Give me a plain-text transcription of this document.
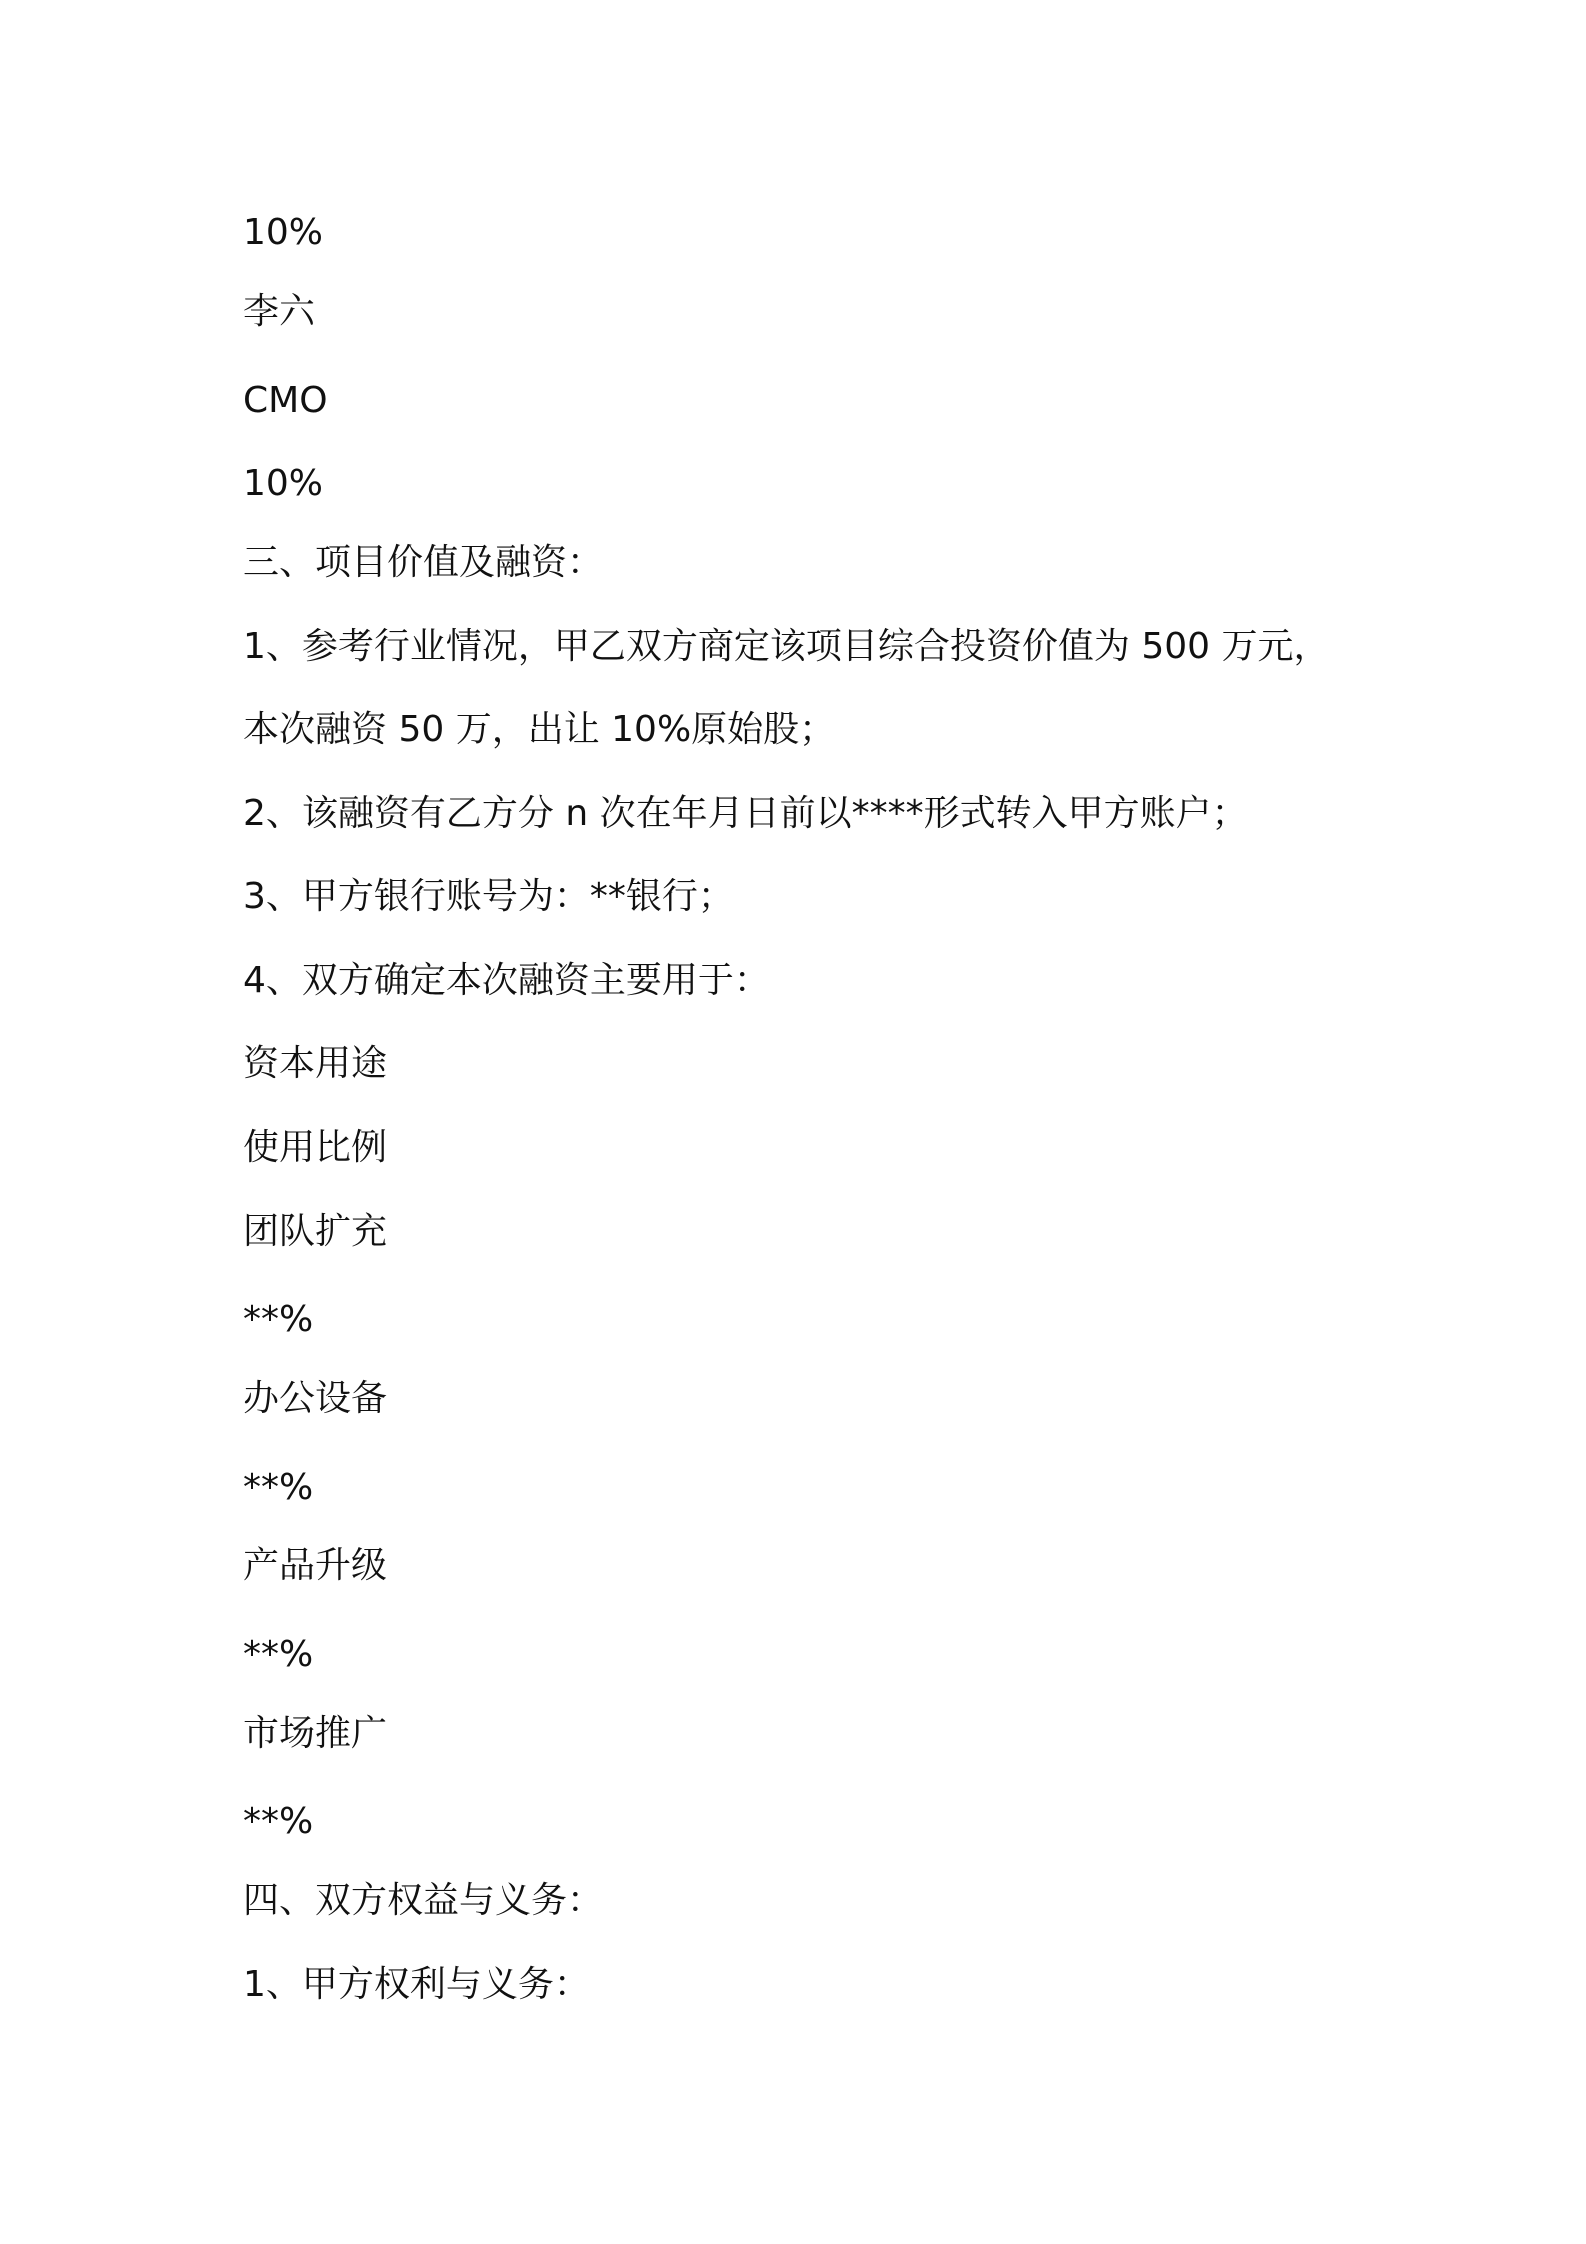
10%

李六

CMO

10%

三、项目价值及融资：

1、参考行业情况，甲乙双方商定该项目综合投资价值为 500 万元，

本次融资 50 万，出让 10%原始股；

2、该融资有乙方分 n 次在年月日前以****形式转入甲方账户；

3、甲方银行账号为：**银行；

4、双方确定本次融资主要用于：

资本用途

使用比例

团队扩充

**%

办公设备

**%

产品升级

**%

市场推广

**%

四、双方权益与义务：

1、甲方权利与义务：
